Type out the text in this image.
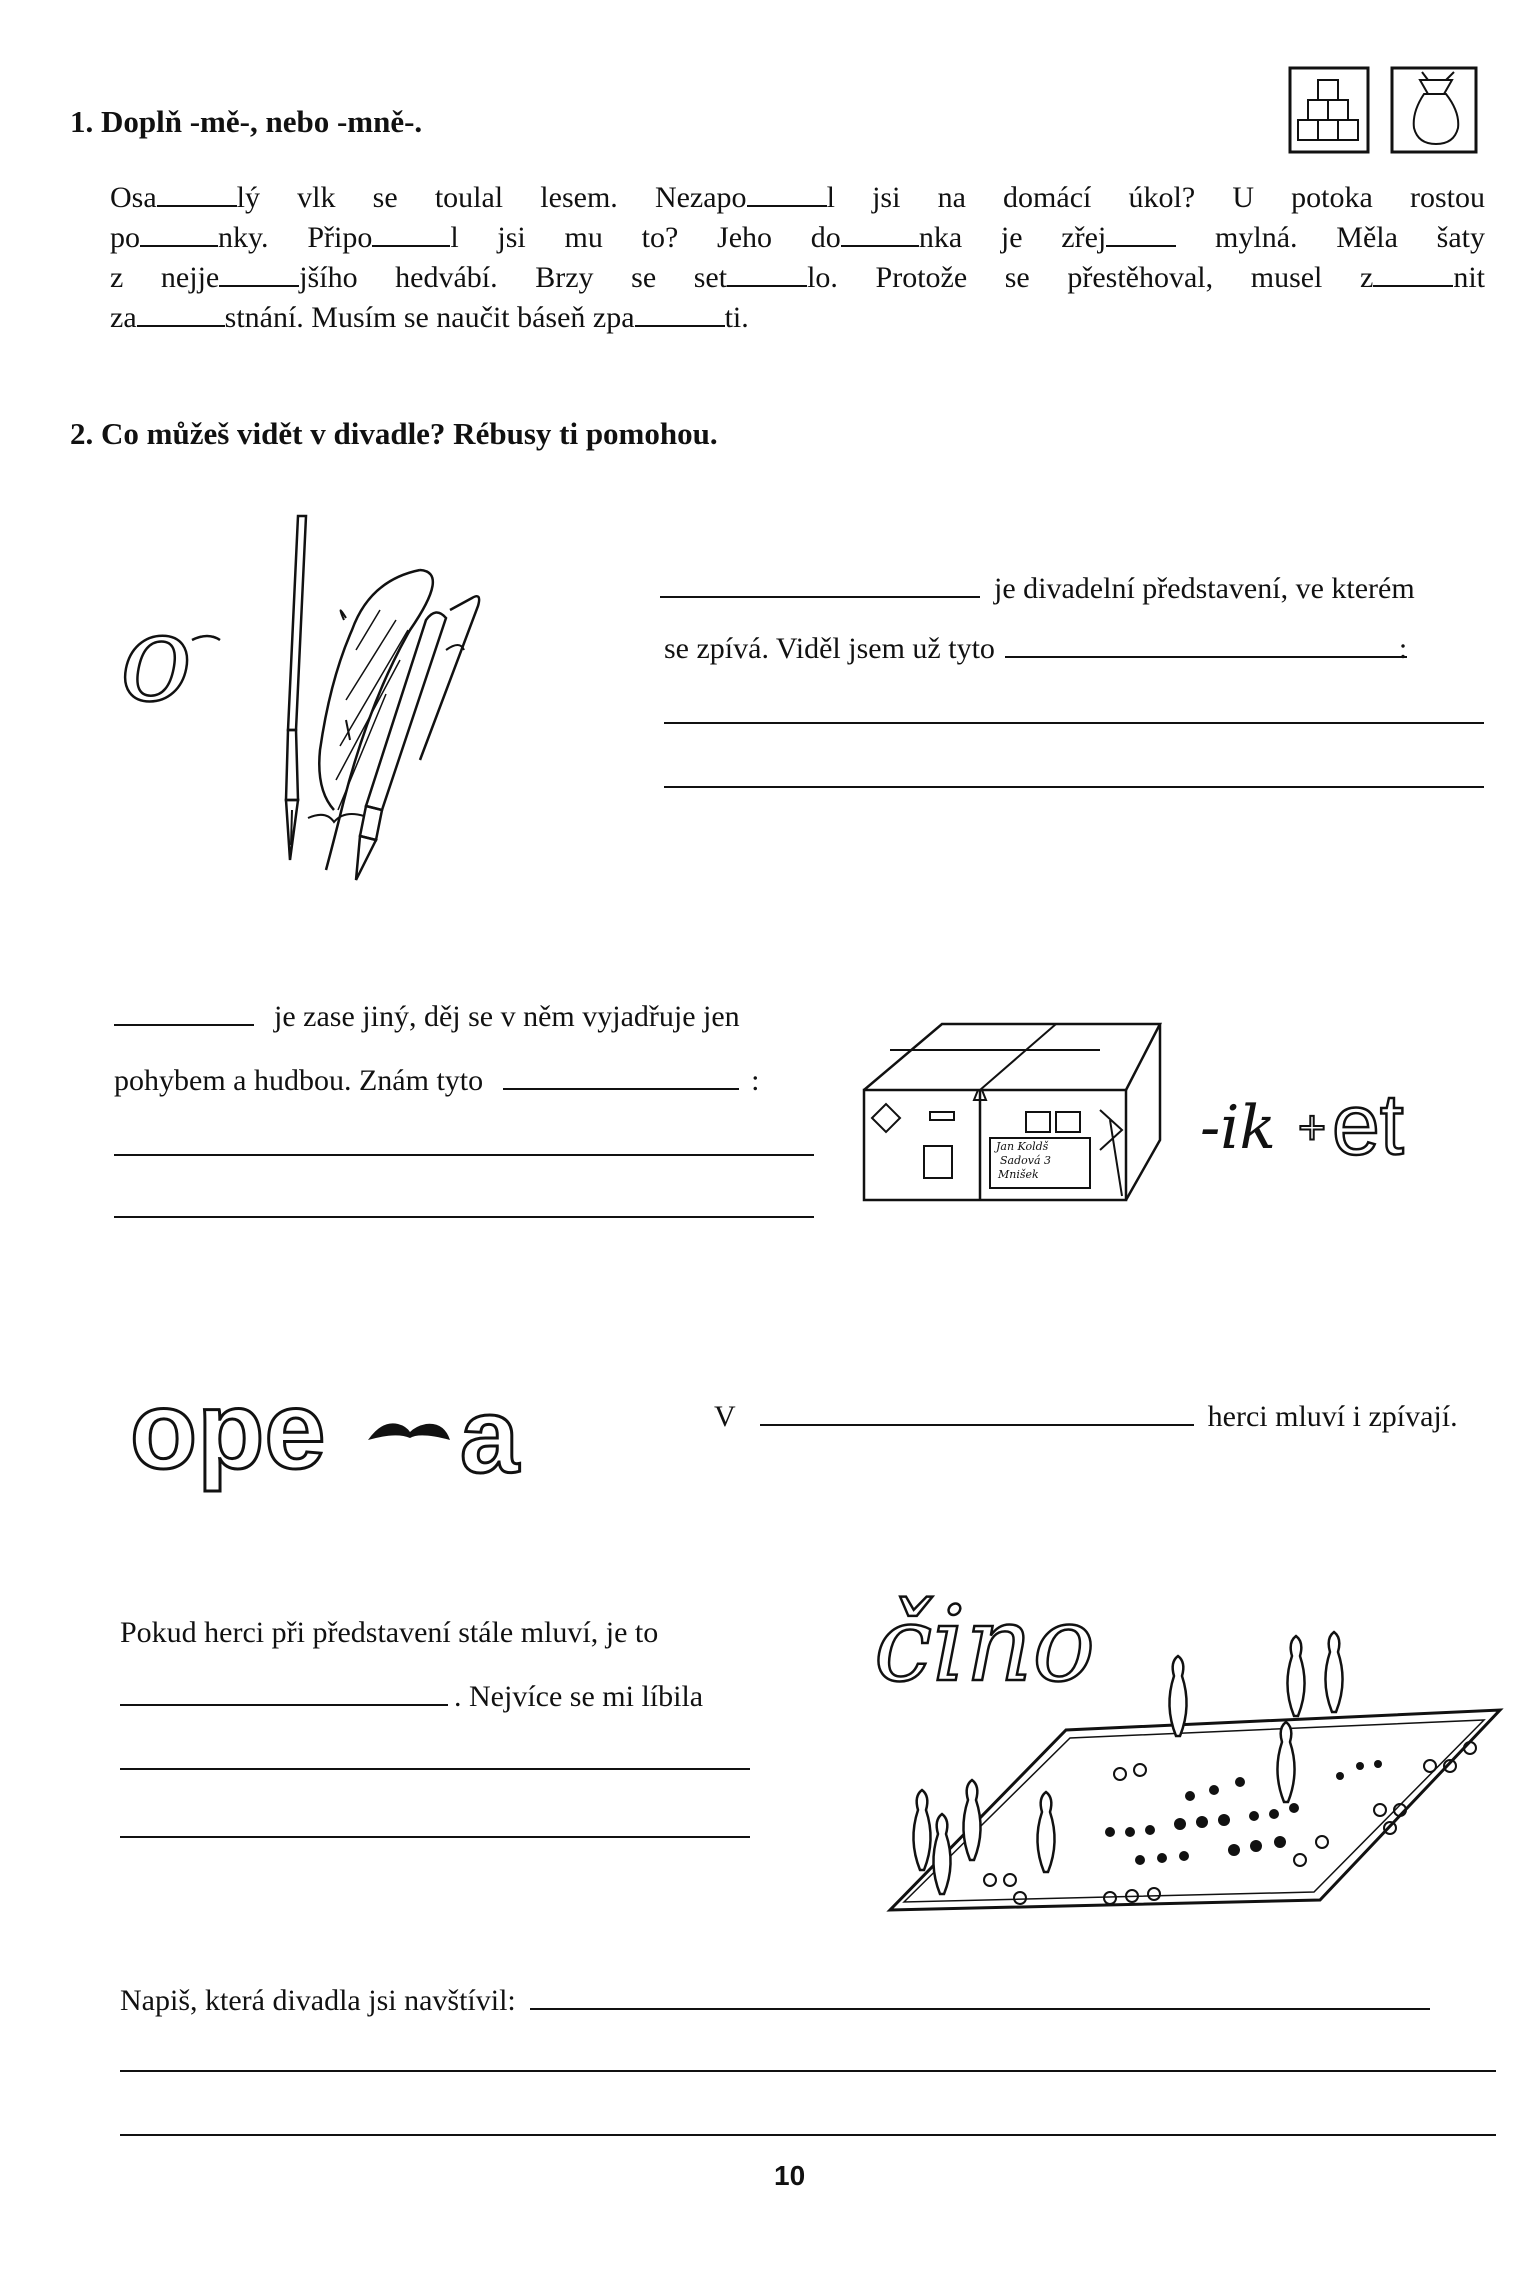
1. Doplň -mě-, nebo -mně-.
Osa	lý vlk se toulal lesem. Nezapo	l jsi na domácí úkol? U potoka rostou
po	nky. Připo	l jsi mu to? Jeho do	nka je zřej mylná. Měla šaty
z nejje	jšího hedvábí. Brzy se set	lo. Protože se přestěhoval, musel z	nit
za	stnání. Musím se naučit báseň zpa	ti.
2. Co můžeš vidět v divadle? Rébusy ti pomohou.
o
je divadelní představení, ve kterém
se zpívá. Viděl jsem už tyto	:
je zase jiný, děj se v něm vyjadřuje jen
pohybem a hudbou. Znám tyto	:
Jan Koldš
Sadová 3
Mnišek
-ik + et
ope a	V	herci mluví i zpívají.
Pokud herci při představení stále mluví, je to
. Nejvíce se mi líbila čino
Napiš, která divadla jsi navštívil:
10
